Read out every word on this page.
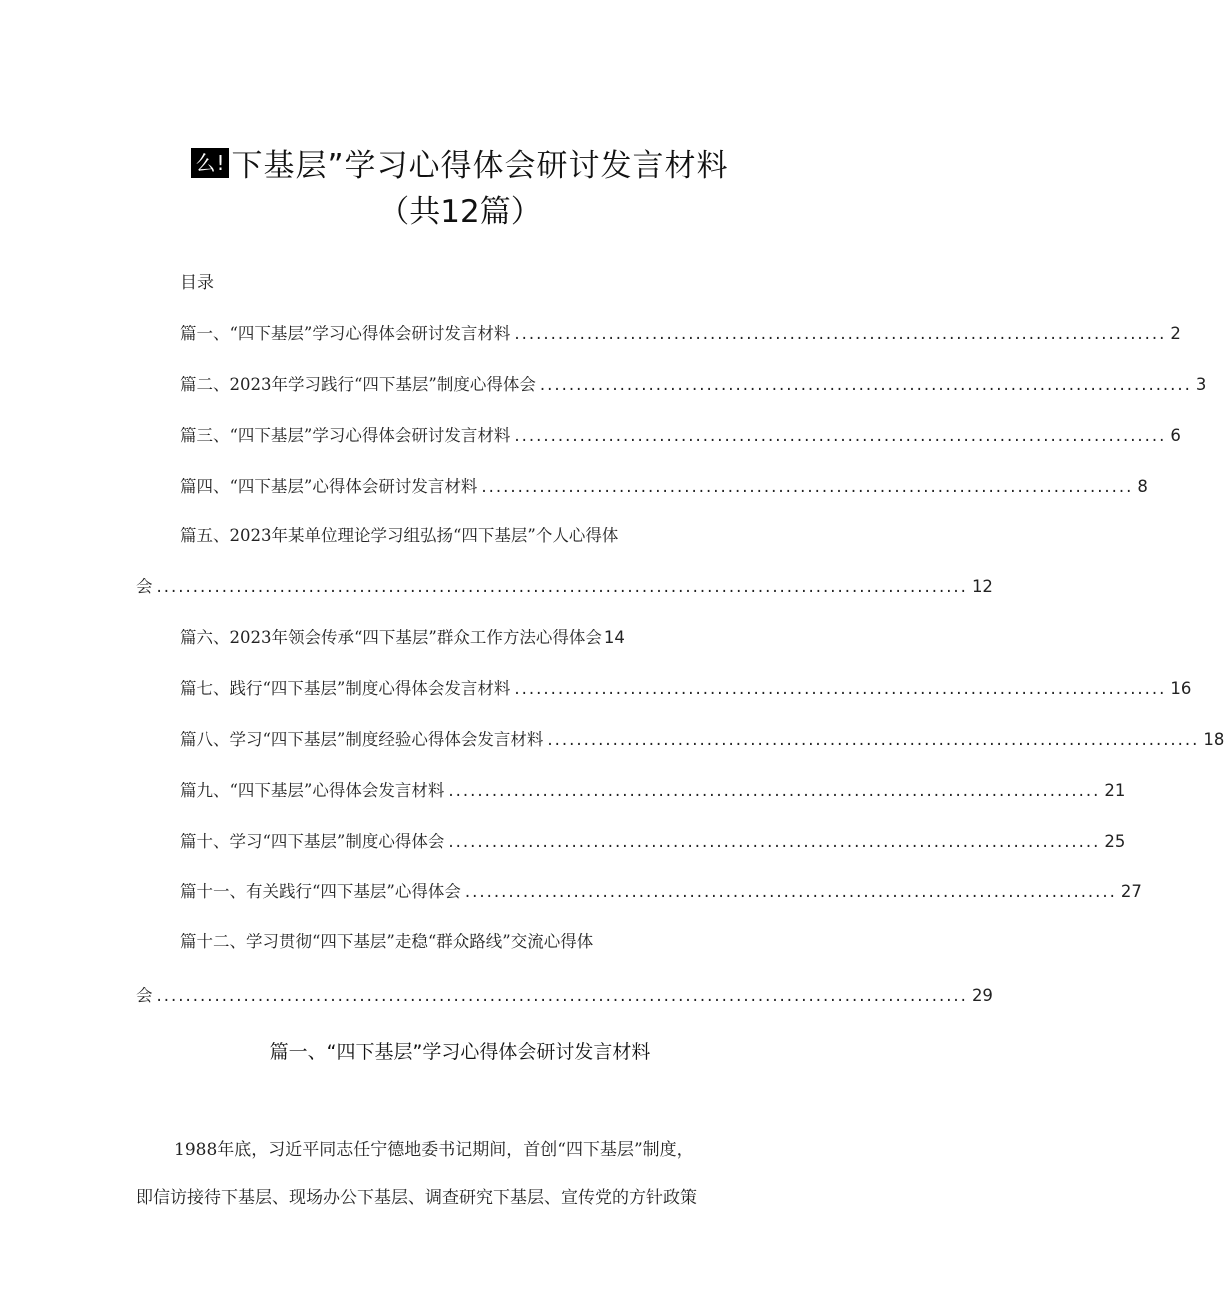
么! 下基层”学习心得体会研讨发言材料
（共12篇）
目录
篇一、“四下基层”学习心得体会研讨发言材料 .......................................................................................... 2
篇二、2023年学习践行“四下基层”制度心得体会 .......................................................................................... 3
篇三、“四下基层”学习心得体会研讨发言材料 .......................................................................................... 6
篇四、“四下基层”心得体会研讨发言材料 .......................................................................................... 8
篇五、2023年某单位理论学习组弘扬“四下基层”个人心得体
会 ................................................................................................................ 12
篇六、2023年领会传承“四下基层”群众工作方法心得体会 14
篇七、践行“四下基层”制度心得体会发言材料 .......................................................................................... 16
篇八、学习“四下基层”制度经验心得体会发言材料 .......................................................................................... 18
篇九、“四下基层”心得体会发言材料 .......................................................................................... 21
篇十、学习“四下基层”制度心得体会 .......................................................................................... 25
篇十一、有关践行“四下基层”心得体会 .......................................................................................... 27
篇十二、学习贯彻“四下基层”走稳“群众路线”交流心得体
会 ................................................................................................................ 29
篇一、“四下基层”学习心得体会研讨发言材料
1988年底，习近平同志任宁德地委书记期间，首创“四下基层”制度，
即信访接待下基层、现场办公下基层、调查研究下基层、宣传党的方针政策
